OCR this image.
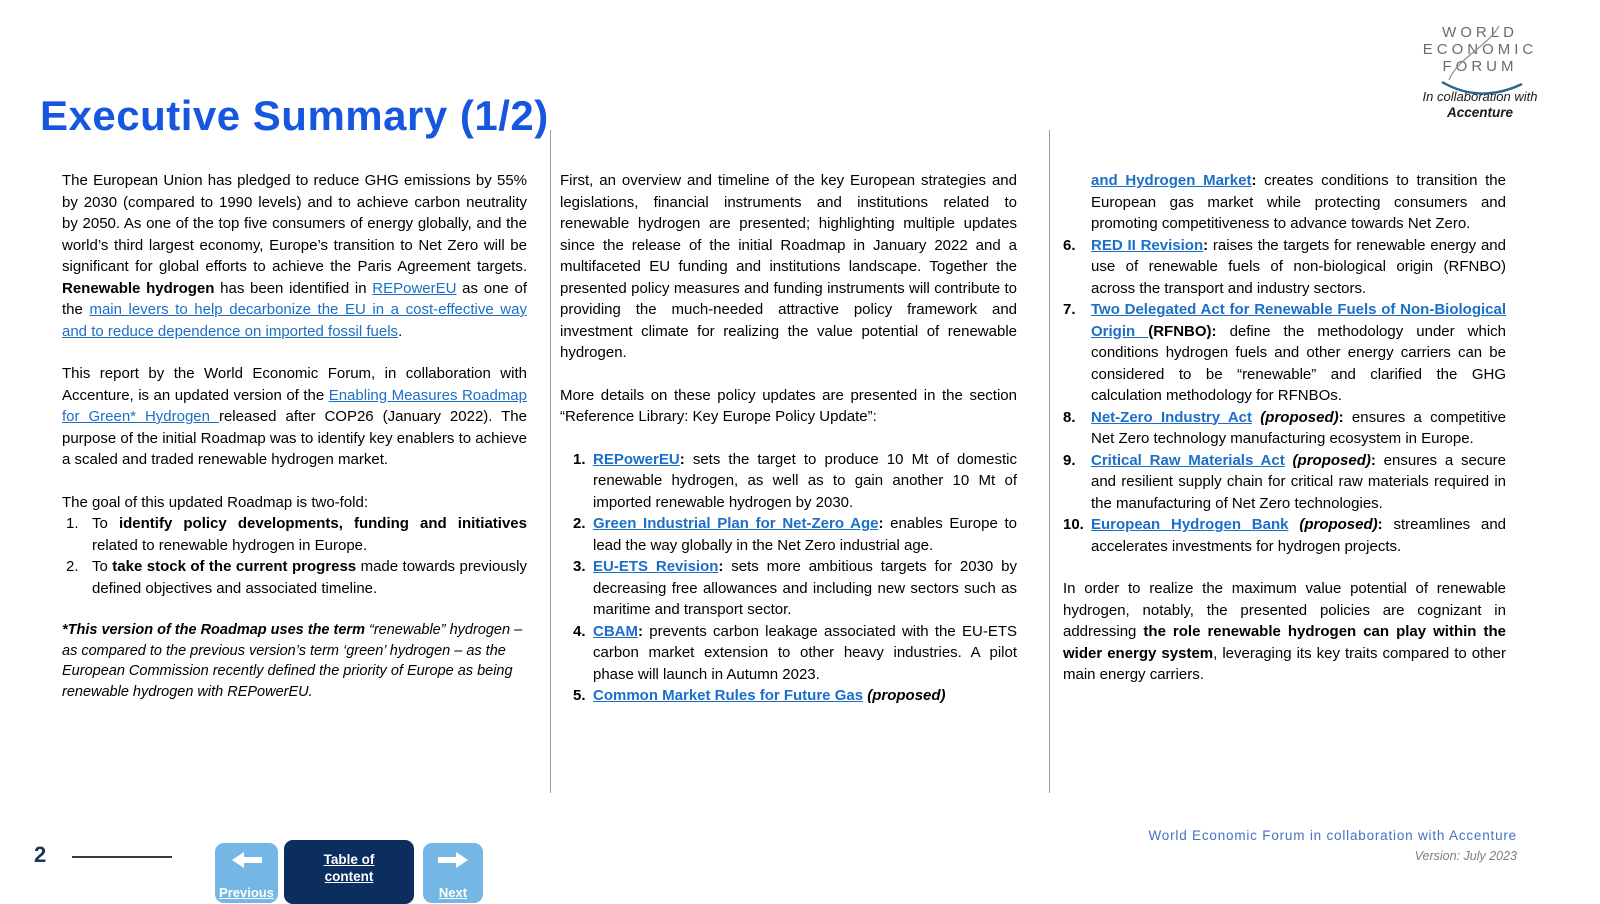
Executive Summary (1/2)
WORLD
ECONOMIC
FORUM
In collaboration with
Accenture

The European Union has pledged to reduce GHG emissions by 55% by 2030 (compared to 1990 levels) and to achieve carbon neutrality by 2050. As one of the top five consumers of energy globally, and the world’s third largest economy, Europe’s transition to Net Zero will be significant for global efforts to achieve the Paris Agreement targets. Renewable hydrogen has been identified in REPowerEU as one of the main levers to help decarbonize the EU in a cost-effective way and to reduce dependence on imported fossil fuels.

This report by the World Economic Forum, in collaboration with Accenture, is an updated version of the Enabling Measures Roadmap for Green* Hydrogen released after COP26 (January 2022). The purpose of the initial Roadmap was to identify key enablers to achieve a scaled and traded renewable hydrogen market.

The goal of this updated Roadmap is two-fold:

1. To identify policy developments, funding and initiatives related to renewable hydrogen in Europe.
2. To take stock of the current progress made towards previously defined objectives and associated timeline.
*This version of the Roadmap uses the term “renewable” hydrogen – as compared to the previous version’s term ‘green’ hydrogen – as the European Commission recently defined the priority of Europe as being renewable hydrogen with REPowerEU.

First, an overview and timeline of the key European strategies and legislations, financial instruments and institutions related to renewable hydrogen are presented; highlighting multiple updates since the release of the initial Roadmap in January 2022 and a multifaceted EU funding and institutions landscape. Together the presented policy measures and funding instruments will contribute to providing the much-needed attractive policy framework and investment climate for realizing the value potential of renewable hydrogen.

More details on these policy updates are presented in the section “Reference Library: Key Europe Policy Update”:

1. REPowerEU: sets the target to produce 10 Mt of domestic renewable hydrogen, as well as to gain another 10 Mt of imported renewable hydrogen by 2030.
2. Green Industrial Plan for Net-Zero Age: enables Europe to lead the way globally in the Net Zero industrial age.
3. EU-ETS Revision: sets more ambitious targets for 2030 by decreasing free allowances and including new sectors such as maritime and transport sector.
4. CBAM: prevents carbon leakage associated with the EU-ETS carbon market extension to other heavy industries. A pilot phase will launch in Autumn 2023.
5. Common Market Rules for Future Gas (proposed)
and Hydrogen Market: creates conditions to transition the European gas market while protecting consumers and promoting competitiveness to advance towards Net Zero.
6. RED II Revision: raises the targets for renewable energy and use of renewable fuels of non-biological origin (RFNBO) across the transport and industry sectors.
7. Two Delegated Act for Renewable Fuels of Non-Biological Origin (RFNBO): define the methodology under which conditions hydrogen fuels and other energy carriers can be considered to be “renewable” and clarified the GHG calculation methodology for RFNBOs.
8. Net-Zero Industry Act (proposed): ensures a competitive Net Zero technology manufacturing ecosystem in Europe.
9. Critical Raw Materials Act (proposed): ensures a secure and resilient supply chain for critical raw materials required in the manufacturing of Net Zero technologies.
10. European Hydrogen Bank (proposed): streamlines and accelerates investments for hydrogen projects.
In order to realize the maximum value potential of renewable hydrogen, notably, the presented policies are cognizant in addressing the role renewable hydrogen can play within the wider energy system, leveraging its key traits compared to other main energy carriers.
2
Previous
Table of
content
Next
World Economic Forum in collaboration with Accenture
Version: July 2023
